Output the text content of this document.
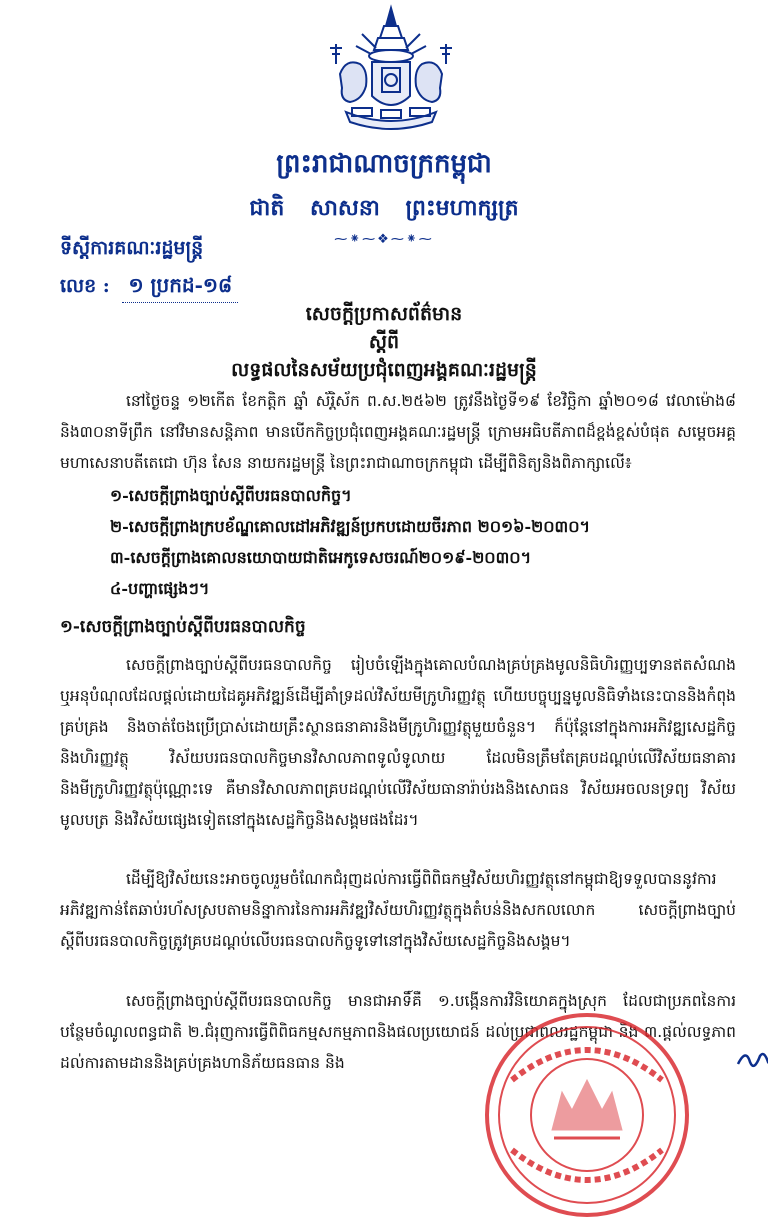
ព្រះរាជាណាចក្រកម្ពុជា
ជាតិ សាសនា ព្រះមហាក្សត្រ
⁓⁕⁓❖⁓⁕⁓
ទីស្តីការគណៈរដ្ឋមន្ត្រី
លេខ : ១ ប្រកដ-១៨
សេចក្តីប្រកាសព័ត៌មាន
ស្តីពី
លទ្ធផលនៃសម័យប្រជុំពេញអង្គគណៈរដ្ឋមន្ត្រី

នៅថ្ងៃចន្ទ ១២កើត ខែកត្តិក ឆ្នាំ ស័រ្តិស័ក ព.ស.២៥៦២ ត្រូវនឹងថ្ងៃទី១៩ ខែវិច្ឆិកា ឆ្នាំ២០១៨ វេលាម៉ោង៨ និង៣០នាទីព្រឹក នៅវិមានសន្តិភាព មានបើកកិច្ចប្រជុំពេញអង្គគណៈរដ្ឋមន្ត្រី ក្រោមអធិបតីភាពដ៏ខ្ពង់ខ្ពស់បំផុត សម្តេចអគ្គមហាសេនាបតីតេជោ ហ៊ុន សែន នាយករដ្ឋមន្ត្រី នៃព្រះរាជាណាចក្រកម្ពុជា ដើម្បីពិនិត្យនិងពិភាក្សាលើ៖

១-សេចក្តីព្រាងច្បាប់ស្តីពីបរធនបាលកិច្ច។
២-សេចក្តីព្រាងក្របខ័ណ្ឌគោលដៅអភិវឌ្ឍន៍ប្រកបដោយចីរភាព ២០១៦-២០៣០។
៣-សេចក្តីព្រាងគោលនយោបាយជាតិអេកូទេសចរណ៍២០១៩-២០៣០។
៤-បញ្ហាផ្សេងៗ។
១-សេចក្តីព្រាងច្បាប់ស្តីពីបរធនបាលកិច្ច

សេចក្តីព្រាងច្បាប់ស្តីពីបរធនបាលកិច្ច រៀបចំឡើងក្នុងគោលបំណងគ្រប់គ្រងមូលនិធិហិរញ្ញប្បទានឥតសំណង ឬអនុបំណុលដែលផ្តល់ដោយដៃគូអភិវឌ្ឍន៍ដើម្បីគាំទ្រដល់វិស័យមីក្រូហិរញ្ញវត្ថុ ហើយបច្ចុប្បន្នមូលនិធិទាំងនេះបាននិងកំពុងគ្រប់គ្រង និងចាត់ចែងប្រើប្រាស់ដោយគ្រឹះស្ថានធនាគារនិងមីក្រូហិរញ្ញវត្ថុមួយចំនួន។ ក៏ប៉ុន្តែនៅក្នុងការអភិវឌ្ឍសេដ្ឋកិច្ចនិងហិរញ្ញវត្ថុ វិស័យបរធនបាលកិច្ចមានវិសាលភាពទូលំទូលាយ ដែលមិនត្រឹមតែគ្របដណ្តប់លើវិស័យធនាគារ និងមីក្រូហិរញ្ញវត្ថុប៉ុណ្ណោះទេ គឺមានវិសាលភាពគ្របដណ្តប់លើវិស័យធានារ៉ាប់រងនិងសោធន វិស័យអចលនទ្រព្យ វិស័យមូលបត្រ និងវិស័យផ្សេងទៀតនៅក្នុងសេដ្ឋកិច្ចនិងសង្គមផងដែរ។

ដើម្បីឱ្យវិស័យនេះអាចចូលរួមចំណែកជំរុញដល់ការធ្វើពិពិធកម្មវិស័យហិរញ្ញវត្ថុនៅកម្ពុជាឱ្យទទួលបាននូវការអភិវឌ្ឍកាន់តែឆាប់រហ័សស្របតាមនិន្នាការនៃការអភិវឌ្ឍវិស័យហិរញ្ញវត្ថុក្នុងតំបន់និងសកលលោក សេចក្តីព្រាងច្បាប់ស្តីពីបរធនបាលកិច្ចត្រូវគ្របដណ្តប់លើបរធនបាលកិច្ចទូទៅនៅក្នុងវិស័យសេដ្ឋកិច្ចនិងសង្គម។

សេចក្តីព្រាងច្បាប់ស្តីពីបរធនបាលកិច្ច មានជាអាទិ៍គឺ ១.បង្កើនការវិនិយោគក្នុងស្រុក ដែលជាប្រភពនៃការបន្ថែមចំណូលពន្ធជាតិ ២.ជំរុញការធ្វើពិពិធកម្មសកម្មភាពនិងផលប្រយោជន៍ ដល់ប្រជាពលរដ្ឋកម្ពុជា និង ៣.ផ្តល់លទ្ធភាពដល់ការតាមដាននិងគ្រប់គ្រងហានិភ័យធនធាន និង
